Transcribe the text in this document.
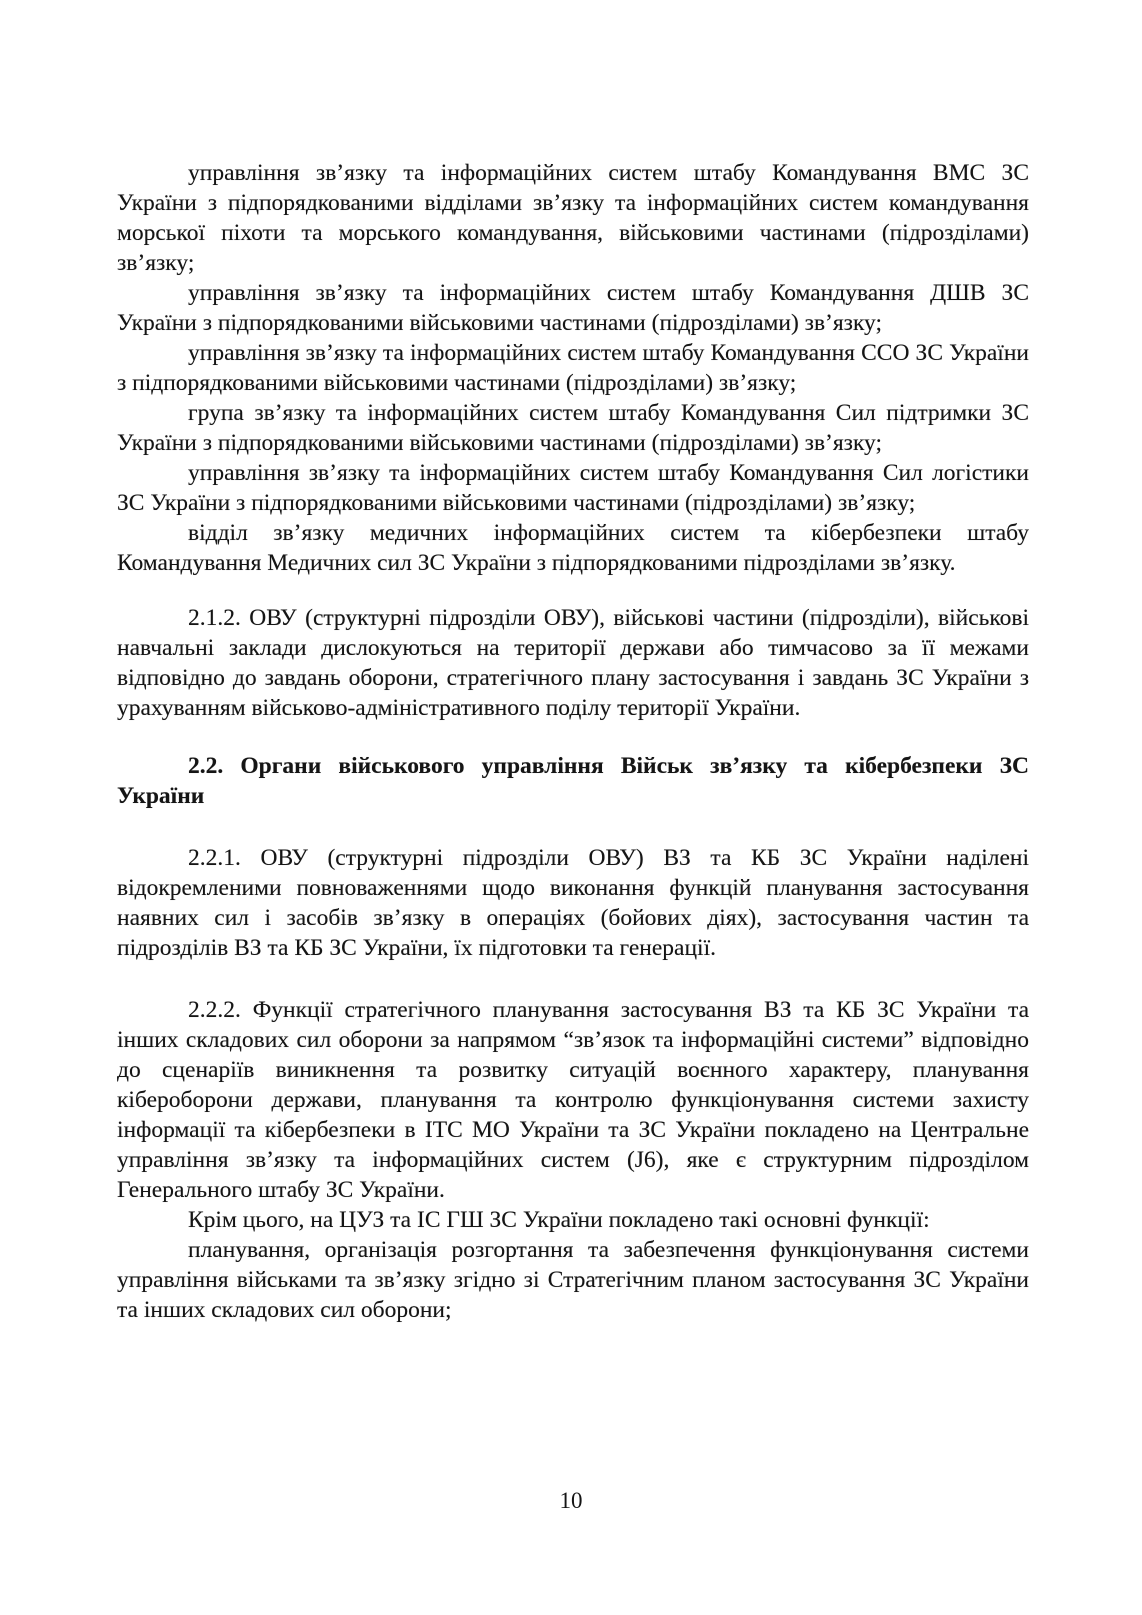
управління зв’язку та інформаційних систем штабу Командування ВМС ЗС України з підпорядкованими відділами зв’язку та інформаційних систем командування морської піхоти та морського командування, військовими частинами (підрозділами) зв’язку;

управління зв’язку та інформаційних систем штабу Командування ДШВ ЗС України з підпорядкованими військовими частинами (підрозділами) зв’язку;

управління зв’язку та інформаційних систем штабу Командування ССО ЗС України з підпорядкованими військовими частинами (підрозділами) зв’язку;

група зв’язку та інформаційних систем штабу Командування Сил підтримки ЗС України з підпорядкованими військовими частинами (підрозділами) зв’язку;

управління зв’язку та інформаційних систем штабу Командування Сил логістики ЗС України з підпорядкованими військовими частинами (підрозділами) зв’язку;

відділ зв’язку медичних інформаційних систем та кібербезпеки штабу Командування Медичних сил ЗС України з підпорядкованими підрозділами зв’язку.

2.1.2. ОВУ (структурні підрозділи ОВУ), військові частини (підрозділи), військові навчальні заклади дислокуються на території держави або тимчасово за її межами відповідно до завдань оборони, стратегічного плану застосування і завдань ЗС України з урахуванням військово-адміністративного поділу території України.

2.2. Органи військового управління Військ зв’язку та кібербезпеки ЗС України

2.2.1. ОВУ (структурні підрозділи ОВУ) ВЗ та КБ ЗС України наділені відокремленими повноваженнями щодо виконання функцій планування застосування наявних сил і засобів зв’язку в операціях (бойових діях), застосування частин та підрозділів ВЗ та КБ ЗС України, їх підготовки та генерації.

2.2.2. Функції стратегічного планування застосування ВЗ та КБ ЗС України та інших складових сил оборони за напрямом “зв’язок та інформаційні системи” відповідно до сценаріїв виникнення та розвитку ситуацій воєнного характеру, планування кібероборони держави, планування та контролю функціонування системи захисту інформації та кібербезпеки в ІТС МО України та ЗС України покладено на Центральне управління зв’язку та інформаційних систем (J6), яке є структурним підрозділом Генерального штабу ЗС України.

Крім цього, на ЦУЗ та ІС ГШ ЗС України покладено такі основні функції:

планування, організація розгортання та забезпечення функціонування системи управління військами та зв’язку згідно зі Стратегічним планом застосування ЗС України та інших складових сил оборони;

10
